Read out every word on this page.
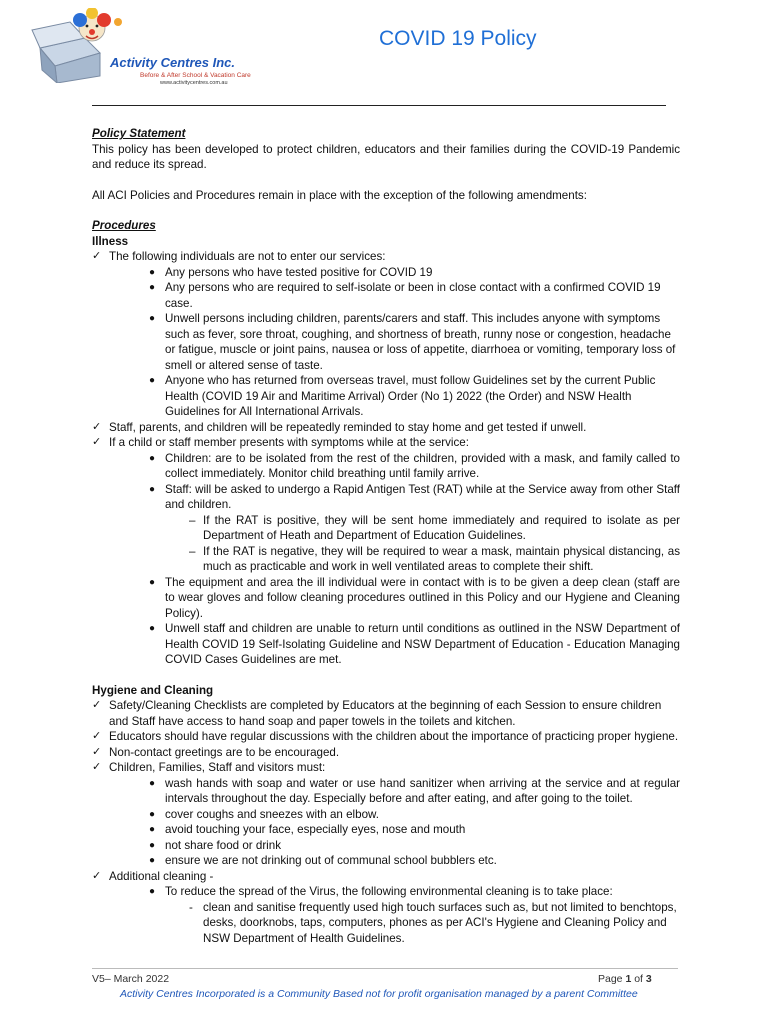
Activity Centres Inc.
Before & After School & Vacation Care
www.activitycentres.com.au
COVID 19 Policy

Policy Statement

This policy has been developed to protect children, educators and their families during the COVID-19 Pandemic and reduce its spread.

All ACI Policies and Procedures remain in place with the exception of the following amendments:

Procedures

Illness

✓ The following individuals are not to enter our services:
● Any persons who have tested positive for COVID 19
● Any persons who are required to self-isolate or been in close contact with a confirmed COVID 19 case.
● Unwell persons including children, parents/carers and staff. This includes anyone with symptoms such as fever, sore throat, coughing, and shortness of breath, runny nose or congestion, headache or fatigue, muscle or joint pains, nausea or loss of appetite, diarrhoea or vomiting, temporary loss of smell or altered sense of taste.
● Anyone who has returned from overseas travel, must follow Guidelines set by the current Public Health (COVID 19 Air and Maritime Arrival) Order (No 1) 2022 (the Order) and NSW Health Guidelines for All International Arrivals.
✓ Staff, parents, and children will be repeatedly reminded to stay home and get tested if unwell.
✓ If a child or staff member presents with symptoms while at the service:
● Children: are to be isolated from the rest of the children, provided with a mask, and family called to collect immediately. Monitor child breathing until family arrive.
● Staff: will be asked to undergo a Rapid Antigen Test (RAT) while at the Service away from other Staff and children.
– If the RAT is positive, they will be sent home immediately and required to isolate as per Department of Heath and Department of Education Guidelines.
– If the RAT is negative, they will be required to wear a mask, maintain physical distancing, as much as practicable and work in well ventilated areas to complete their shift.
● The equipment and area the ill individual were in contact with is to be given a deep clean (staff are to wear gloves and follow cleaning procedures outlined in this Policy and our Hygiene and Cleaning Policy).
● Unwell staff and children are unable to return until conditions as outlined in the NSW Department of Health COVID 19 Self-Isolating Guideline and NSW Department of Education - Education Managing COVID Cases Guidelines are met.

Hygiene and Cleaning

✓ Safety/Cleaning Checklists are completed by Educators at the beginning of each Session to ensure children and Staff have access to hand soap and paper towels in the toilets and kitchen.
✓ Educators should have regular discussions with the children about the importance of practicing proper hygiene.
✓ Non-contact greetings are to be encouraged.
✓ Children, Families, Staff and visitors must:
● wash hands with soap and water or use hand sanitizer when arriving at the service and at regular intervals throughout the day. Especially before and after eating, and after going to the toilet.
● cover coughs and sneezes with an elbow.
● avoid touching your face, especially eyes, nose and mouth
● not share food or drink
● ensure we are not drinking out of communal school bubblers etc.
✓ Additional cleaning -
● To reduce the spread of the Virus, the following environmental cleaning is to take place:
- clean and sanitise frequently used high touch surfaces such as, but not limited to benchtops, desks, doorknobs, taps, computers, phones as per ACI's Hygiene and Cleaning Policy and NSW Department of Health Guidelines.
V5– March 2022	Page 1 of 3
Activity Centres Incorporated is a Community Based not for profit organisation managed by a parent Committee
